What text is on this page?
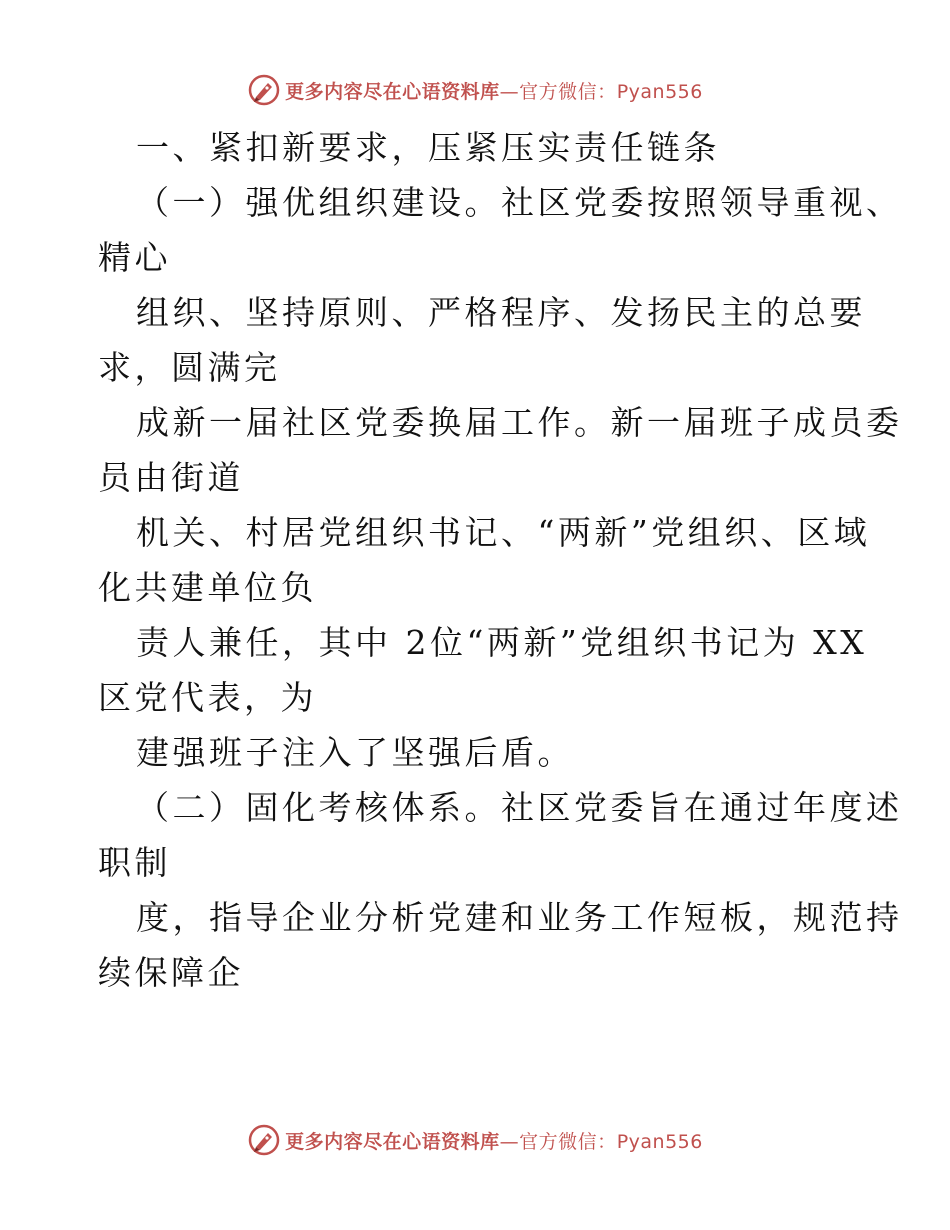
更多内容尽在心语资料库—官方微信：Pyan556
一、紧扣新要求，压紧压实责任链条
（一）强优组织建设。社区党委按照领导重视、
精心
组织、坚持原则、严格程序、发扬民主的总要
求，圆满完
成新一届社区党委换届工作。新一届班子成员委
员由街道
机关、村居党组织书记、“两新”党组织、区域
化共建单位负
责人兼任，其中 2位“两新”党组织书记为 XX
区党代表，为
建强班子注入了坚强后盾。
（二）固化考核体系。社区党委旨在通过年度述
职制
度，指导企业分析党建和业务工作短板，规范持
续保障企
更多内容尽在心语资料库—官方微信：Pyan556
